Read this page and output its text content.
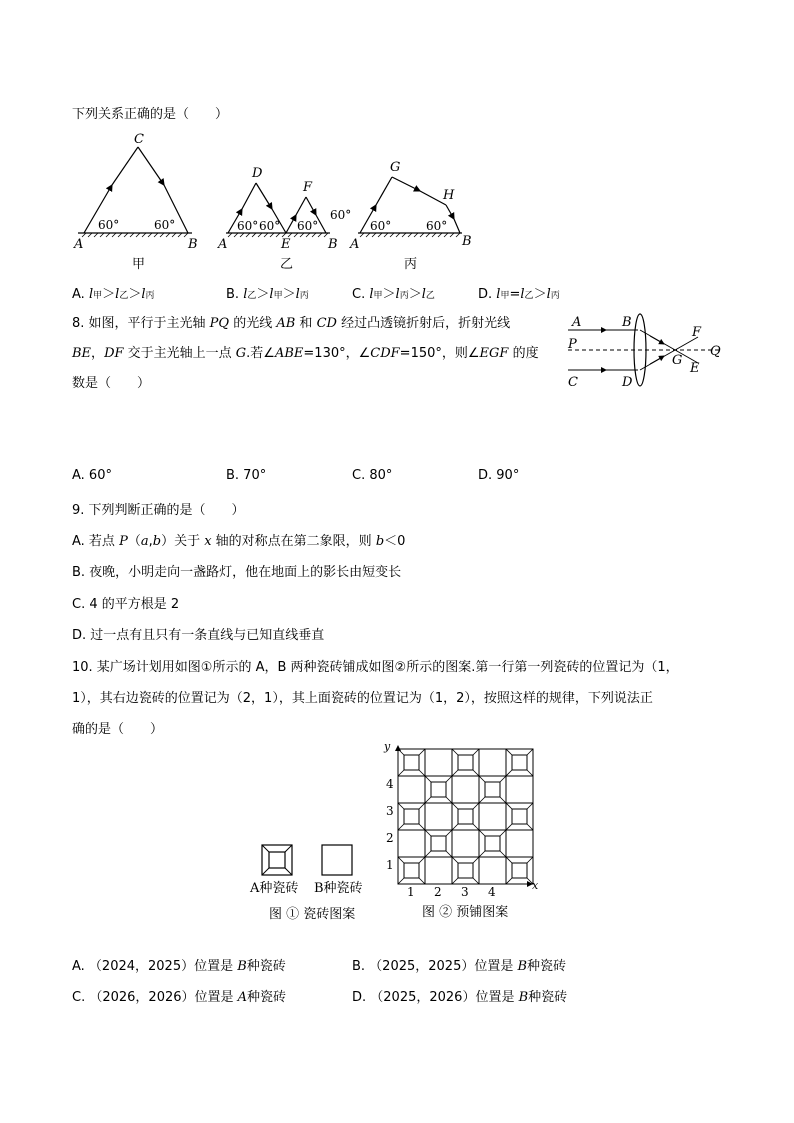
下列关系正确的是（　　）
C
A	B
60°	60°
甲
D
F
A	E	B
60° 60° 60°
60°
乙
G
H
A	B
60°	60°
丙
A. l甲＞l乙＞l丙	B. l乙＞l甲＞l丙	C. l甲＞l丙＞l乙	D. l甲=l乙＞l丙
8. 如图，平行于主光轴 PQ 的光线 AB 和 CD 经过凸透镜折射后，折射光线
BE，DF 交于主光轴上一点 G.若∠ABE=130°，∠CDF=150°，则∠EGF 的度
数是（　　）
A	B
P
F
G
Q
C	D
E
A. 60°	B. 70°	C. 80°	D. 90°
9. 下列判断正确的是（　　）
A. 若点 P（a,b）关于 x 轴的对称点在第二象限，则 b＜0
B. 夜晚，小明走向一盏路灯，他在地面上的影长由短变长
C. 4 的平方根是 2
D. 过一点有且只有一条直线与已知直线垂直
10. 某广场计划用如图①所示的 A，B 两种瓷砖铺成如图②所示的图案.第一行第一列瓷砖的位置记为（1，
1），其右边瓷砖的位置记为（2，1），其上面瓷砖的位置记为（1，2），按照这样的规律，下列说法正
确的是（　　）
A种瓷砖 B种瓷砖
图 ① 瓷砖图案
y
x
1 2 3 4
1
2
3
4
图 ② 预铺图案
A. （2024，2025）位置是 B种瓷砖	B. （2025，2025）位置是 B种瓷砖
C. （2026，2026）位置是 A种瓷砖	D. （2025，2026）位置是 B种瓷砖
